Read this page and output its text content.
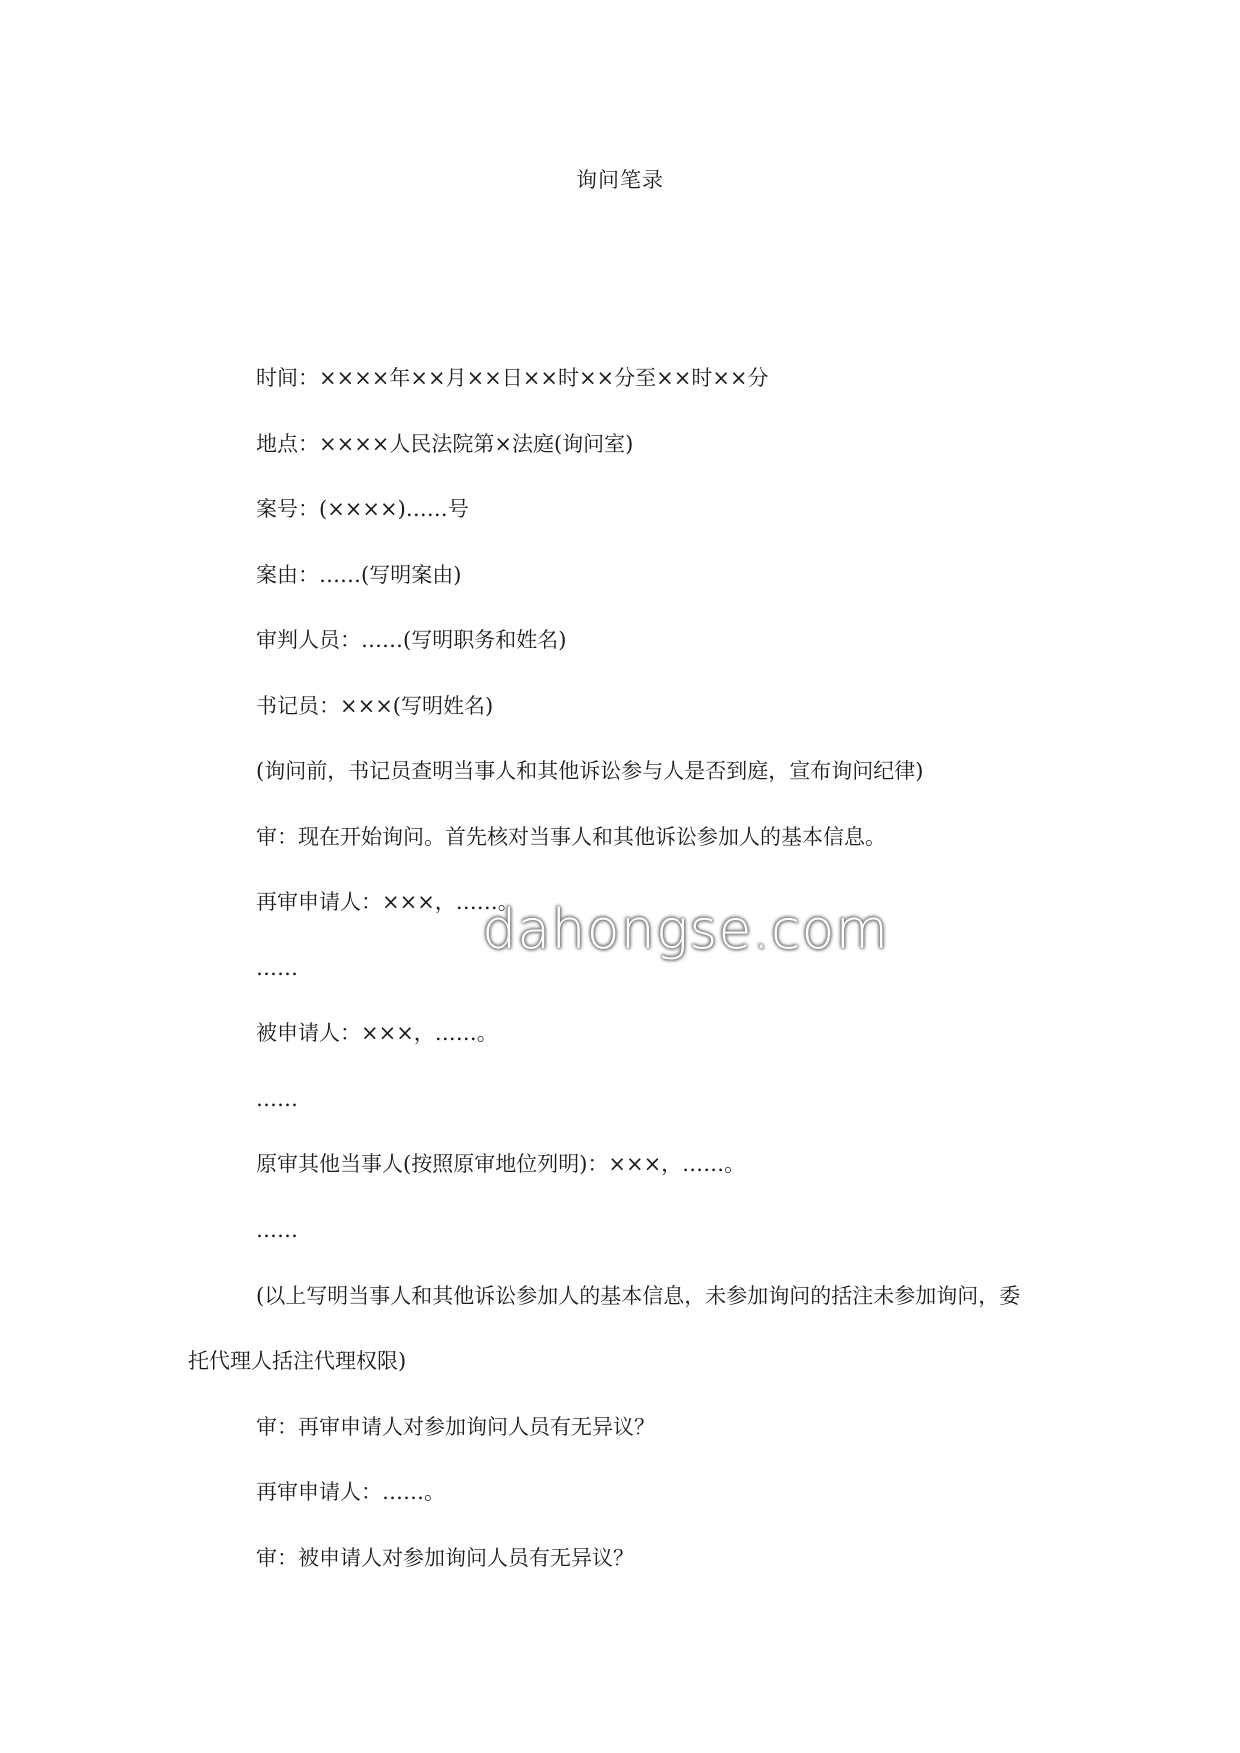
询问笔录
时间：××××年××月××日××时××分至××时××分
地点：××××人民法院第×法庭(询问室)
案号：(××××)……号
案由：……(写明案由)
审判人员：……(写明职务和姓名)
书记员：×××(写明姓名)
(询问前，书记员查明当事人和其他诉讼参与人是否到庭，宣布询问纪律)
审：现在开始询问。首先核对当事人和其他诉讼参加人的基本信息。
再审申请人：×××，……。
……
被申请人：×××，……。
……
原审其他当事人(按照原审地位列明)：×××，……。
……
(以上写明当事人和其他诉讼参加人的基本信息，未参加询问的括注未参加询问，委
托代理人括注代理权限)
审：再审申请人对参加询问人员有无异议？
再审申请人：……。
审：被申请人对参加询问人员有无异议？
dahongse.com
